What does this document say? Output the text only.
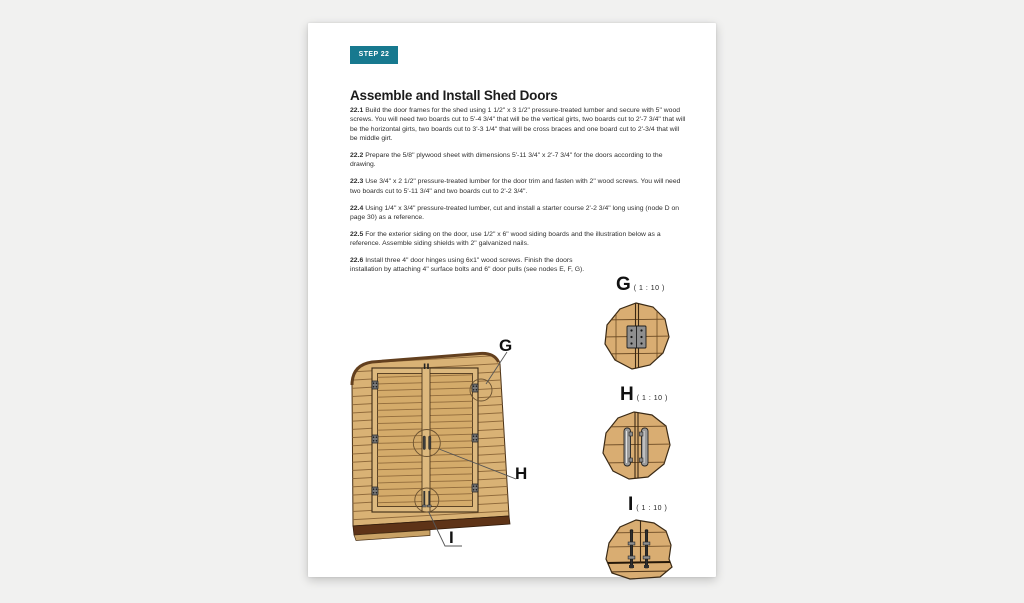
STEP 22
Assemble and Install Shed Doors

22.1 Build the door frames for the shed using 1 1/2" x 3 1/2" pressure-treated lumber and secure with 5" wood screws. You will need two boards cut to 5'-4 3/4" that will be the vertical girts, two boards cut to 2'-7 3/4" that will be the horizontal girts, two boards cut to 3'-3 1/4" that will be cross braces and one board cut to 2'-3/4 that will be middle girt.

22.2 Prepare the 5/8" plywood sheet with dimensions 5'-11 3/4" x 2'-7 3/4" for the doors according to the drawing.

22.3 Use 3/4" x 2 1/2" pressure-treated lumber for the door trim and fasten with 2" wood screws. You will need two boards cut to 5'-11 3/4" and two boards cut to 2'-2 3/4".

22.4 Using 1/4" x 3/4" pressure-treated lumber, cut and install a starter course 2'-2 3/4" long using (node D on page 30) as a reference.

22.5 For the exterior siding on the door, use 1/2" x 6" wood siding boards and the illustration below as a reference. Assemble siding shields with 2" galvanized nails.

22.6 Install three 4" door hinges using 6x1" wood screws. Finish the doors installation by attaching 4" surface bolts and 6" door pulls (see nodes E, F, G).

G
H
I
G ( 1 : 10 )
H ( 1 : 10 )
I ( 1 : 10 )
